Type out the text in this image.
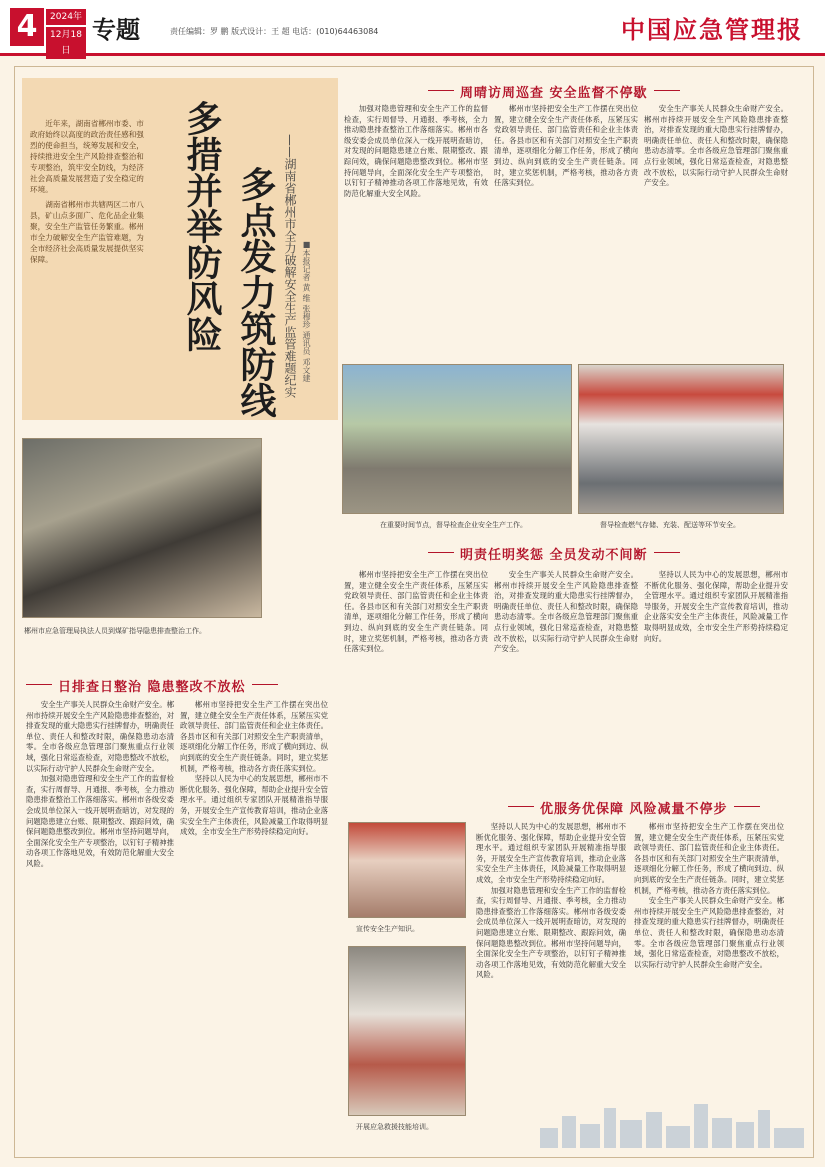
4	2024年
12月18日
专题	责任编辑：罗 鹏 版式设计：王 超 电话：(010)64463084	中国应急管理报

近年来，湖南省郴州市委、市政府始终以高度的政治责任感和强烈的使命担当，统筹发展和安全，持续推进安全生产风险排查整治和专项整治，筑牢安全防线，为经济社会高质量发展营造了安全稳定的环境。

湖南省郴州市共辖两区二市八县，矿山点多面广、危化品企业集聚，安全生产监管任务繁重。郴州市全力破解安全生产监管难题，为全市经济社会高质量发展提供坚实保障。	多措并举防风险 多点发力筑防线 ——湖南省郴州市全力破解安全生产监管难题纪实 ■本报记者 黄 维 张穆珍 通讯员 邓文建
周晴访周巡查 安全监督不停歇

加强对隐患管理和安全生产工作的监督检查，实行周督导、月通报、季考核，全力推动隐患排查整治工作落细落实。郴州市各级安委会成员单位深入一线开展明查暗访，对发现的问题隐患建立台账、限期整改、跟踪问效，确保问题隐患整改到位。郴州市坚持问题导向，全面深化安全生产专项整治，以钉钉子精神推动各项工作落地见效，有效防范化解重大安全风险。

郴州市坚持把安全生产工作摆在突出位置，建立健全安全生产责任体系，压紧压实党政领导责任、部门监管责任和企业主体责任。各县市区和有关部门对照安全生产职责清单，逐项细化分解工作任务，形成了横向到边、纵向到底的安全生产责任链条。同时，建立奖惩机制，严格考核，推动各方责任落实到位。

安全生产事关人民群众生命财产安全。郴州市持续开展安全生产风险隐患排查整治，对排查发现的重大隐患实行挂牌督办，明确责任单位、责任人和整改时限，确保隐患动态清零。全市各级应急管理部门聚焦重点行业领域，强化日常巡查检查，对隐患整改不放松，以实际行动守护人民群众生命财产安全。

在重要时间节点，督导检查企业安全生产工作。	督导检查燃气存储、充装、配送等环节安全。
郴州市应急管理局执法人员到煤矿指导隐患排查整治工作。
明责任明奖惩 全员发动不间断

郴州市坚持把安全生产工作摆在突出位置，建立健全安全生产责任体系，压紧压实党政领导责任、部门监管责任和企业主体责任。各县市区和有关部门对照安全生产职责清单，逐项细化分解工作任务，形成了横向到边、纵向到底的安全生产责任链条。同时，建立奖惩机制，严格考核，推动各方责任落实到位。

安全生产事关人民群众生命财产安全。郴州市持续开展安全生产风险隐患排查整治，对排查发现的重大隐患实行挂牌督办，明确责任单位、责任人和整改时限，确保隐患动态清零。全市各级应急管理部门聚焦重点行业领域，强化日常巡查检查，对隐患整改不放松，以实际行动守护人民群众生命财产安全。

坚持以人民为中心的发展思想，郴州市不断优化服务、强化保障，帮助企业提升安全管理水平。通过组织专家团队开展精准指导服务，开展安全生产宣传教育培训，推动企业落实安全生产主体责任，风险减量工作取得明显成效，全市安全生产形势持续稳定向好。

日排查日整治 隐患整改不放松

安全生产事关人民群众生命财产安全。郴州市持续开展安全生产风险隐患排查整治，对排查发现的重大隐患实行挂牌督办，明确责任单位、责任人和整改时限，确保隐患动态清零。全市各级应急管理部门聚焦重点行业领域，强化日常巡查检查，对隐患整改不放松，以实际行动守护人民群众生命财产安全。

加强对隐患管理和安全生产工作的监督检查，实行周督导、月通报、季考核，全力推动隐患排查整治工作落细落实。郴州市各级安委会成员单位深入一线开展明查暗访，对发现的问题隐患建立台账、限期整改、跟踪问效，确保问题隐患整改到位。郴州市坚持问题导向，全面深化安全生产专项整治，以钉钉子精神推动各项工作落地见效，有效防范化解重大安全风险。

郴州市坚持把安全生产工作摆在突出位置，建立健全安全生产责任体系，压紧压实党政领导责任、部门监管责任和企业主体责任。各县市区和有关部门对照安全生产职责清单，逐项细化分解工作任务，形成了横向到边、纵向到底的安全生产责任链条。同时，建立奖惩机制，严格考核，推动各方责任落实到位。

坚持以人民为中心的发展思想，郴州市不断优化服务、强化保障，帮助企业提升安全管理水平。通过组织专家团队开展精准指导服务，开展安全生产宣传教育培训，推动企业落实安全生产主体责任，风险减量工作取得明显成效，全市安全生产形势持续稳定向好。

优服务优保障 风险减量不停步
宣传安全生产知识。
开展应急救援技能培训。

坚持以人民为中心的发展思想，郴州市不断优化服务、强化保障，帮助企业提升安全管理水平。通过组织专家团队开展精准指导服务，开展安全生产宣传教育培训，推动企业落实安全生产主体责任，风险减量工作取得明显成效，全市安全生产形势持续稳定向好。

加强对隐患管理和安全生产工作的监督检查，实行周督导、月通报、季考核，全力推动隐患排查整治工作落细落实。郴州市各级安委会成员单位深入一线开展明查暗访，对发现的问题隐患建立台账、限期整改、跟踪问效，确保问题隐患整改到位。郴州市坚持问题导向，全面深化安全生产专项整治，以钉钉子精神推动各项工作落地见效，有效防范化解重大安全风险。

郴州市坚持把安全生产工作摆在突出位置，建立健全安全生产责任体系，压紧压实党政领导责任、部门监管责任和企业主体责任。各县市区和有关部门对照安全生产职责清单，逐项细化分解工作任务，形成了横向到边、纵向到底的安全生产责任链条。同时，建立奖惩机制，严格考核，推动各方责任落实到位。

安全生产事关人民群众生命财产安全。郴州市持续开展安全生产风险隐患排查整治，对排查发现的重大隐患实行挂牌督办，明确责任单位、责任人和整改时限，确保隐患动态清零。全市各级应急管理部门聚焦重点行业领域，强化日常巡查检查，对隐患整改不放松，以实际行动守护人民群众生命财产安全。
